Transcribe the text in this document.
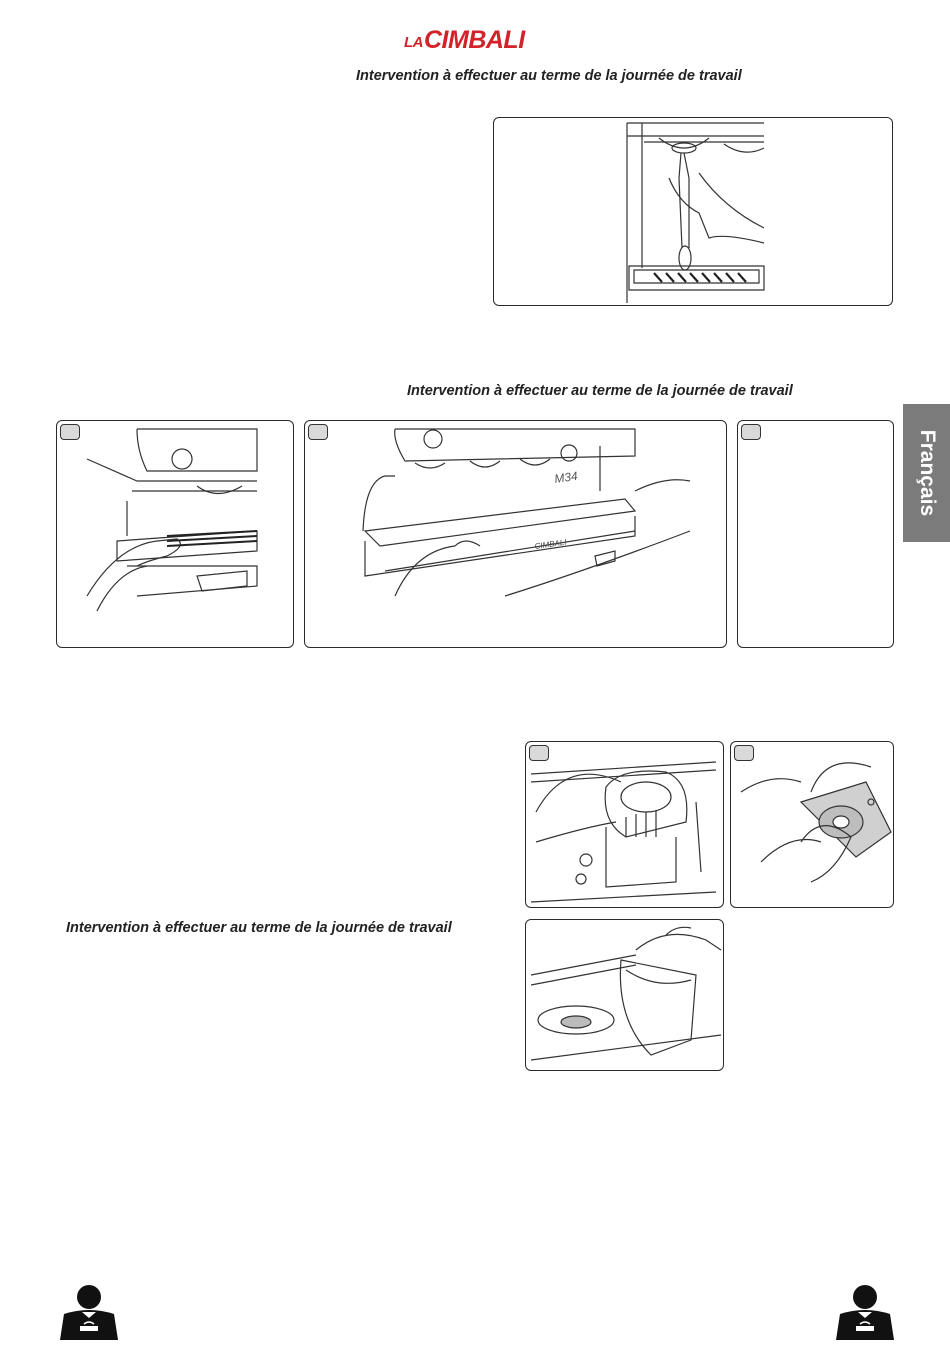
LA CIMBALI
Intervention à effectuer au terme de la journée de travail
Intervention à effectuer au terme de la journée de travail
Français
M34
CIMBALI
Intervention à effectuer au terme de la journée de travail
